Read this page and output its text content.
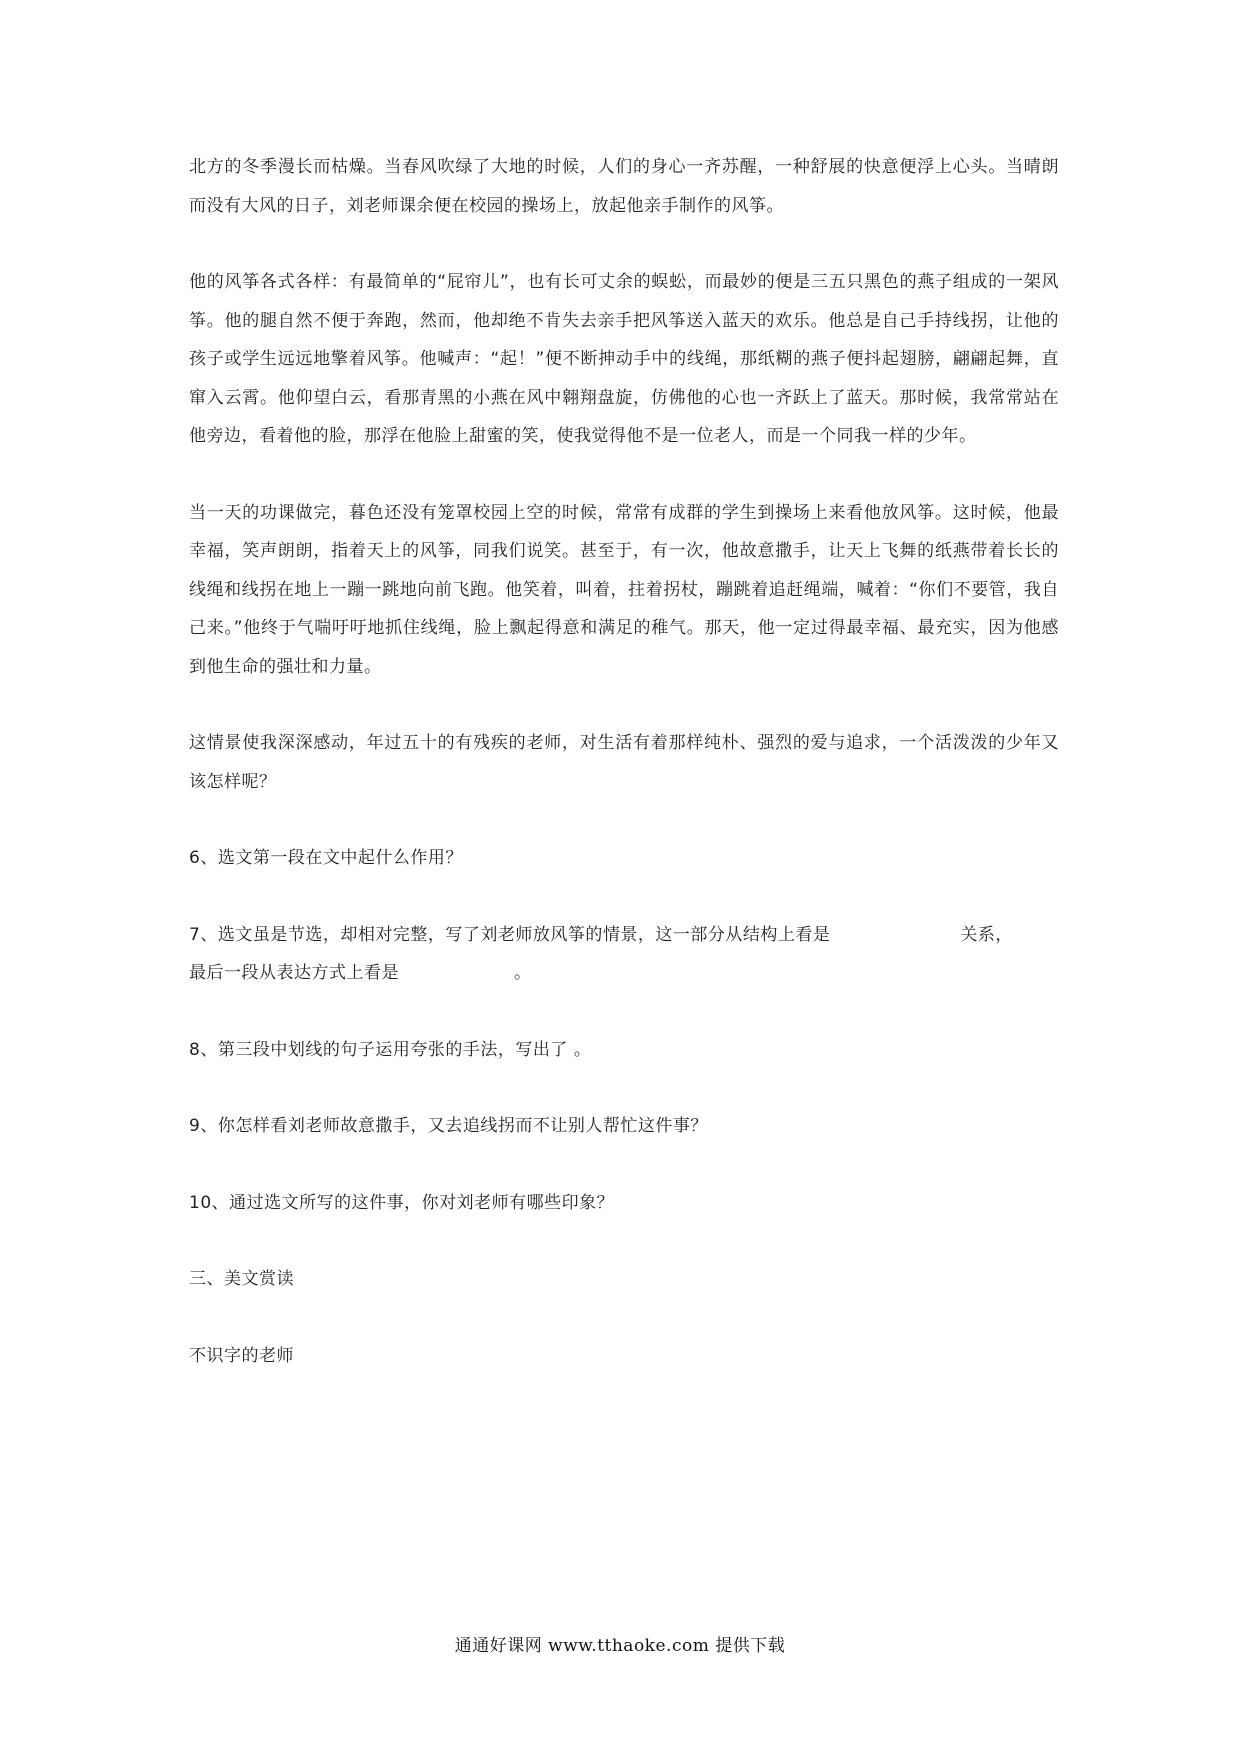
北方的冬季漫长而枯燥。当春风吹绿了大地的时候，人们的身心一齐苏醒，一种舒展的快意便浮上心头。当晴朗而没有大风的日子，刘老师课余便在校园的操场上，放起他亲手制作的风筝。

他的风筝各式各样：有最简单的“屁帘儿”，也有长可丈余的蜈蚣，而最妙的便是三五只黑色的燕子组成的一架风筝。他的腿自然不便于奔跑，然而，他却绝不肯失去亲手把风筝送入蓝天的欢乐。他总是自己手持线拐，让他的孩子或学生远远地擎着风筝。他喊声：“起！”便不断抻动手中的线绳，那纸糊的燕子便抖起翅膀，翩翩起舞，直窜入云霄。他仰望白云，看那青黑的小燕在风中翱翔盘旋，仿佛他的心也一齐跃上了蓝天。那时候，我常常站在他旁边，看着他的脸，那浮在他脸上甜蜜的笑，使我觉得他不是一位老人，而是一个同我一样的少年。

当一天的功课做完，暮色还没有笼罩校园上空的时候，常常有成群的学生到操场上来看他放风筝。这时候，他最幸福，笑声朗朗，指着天上的风筝，同我们说笑。甚至于，有一次，他故意撒手，让天上飞舞的纸燕带着长长的线绳和线拐在地上一蹦一跳地向前飞跑。他笑着，叫着，拄着拐杖，蹦跳着追赶绳端，喊着：“你们不要管，我自己来。”他终于气喘吁吁地抓住线绳，脸上飘起得意和满足的稚气。那天，他一定过得最幸福、最充实，因为他感到他生命的强壮和力量。

这情景使我深深感动，年过五十的有残疾的老师，对生活有着那样纯朴、强烈的爱与追求，一个活泼泼的少年又该怎样呢？

6、选文第一段在文中起什么作用？

7、选文虽是节选，却相对完整，写了刘老师放风筝的情景，这一部分从结构上看是	关系，
最后一段从表达方式上看是	。

8、第三段中划线的句子运用夸张的手法，写出了 。

9、你怎样看刘老师故意撒手，又去追线拐而不让别人帮忙这件事？

10、通过选文所写的这件事，你对刘老师有哪些印象？

三、美文赏读

不识字的老师

通通好课网 www.tthaoke.com 提供下载
